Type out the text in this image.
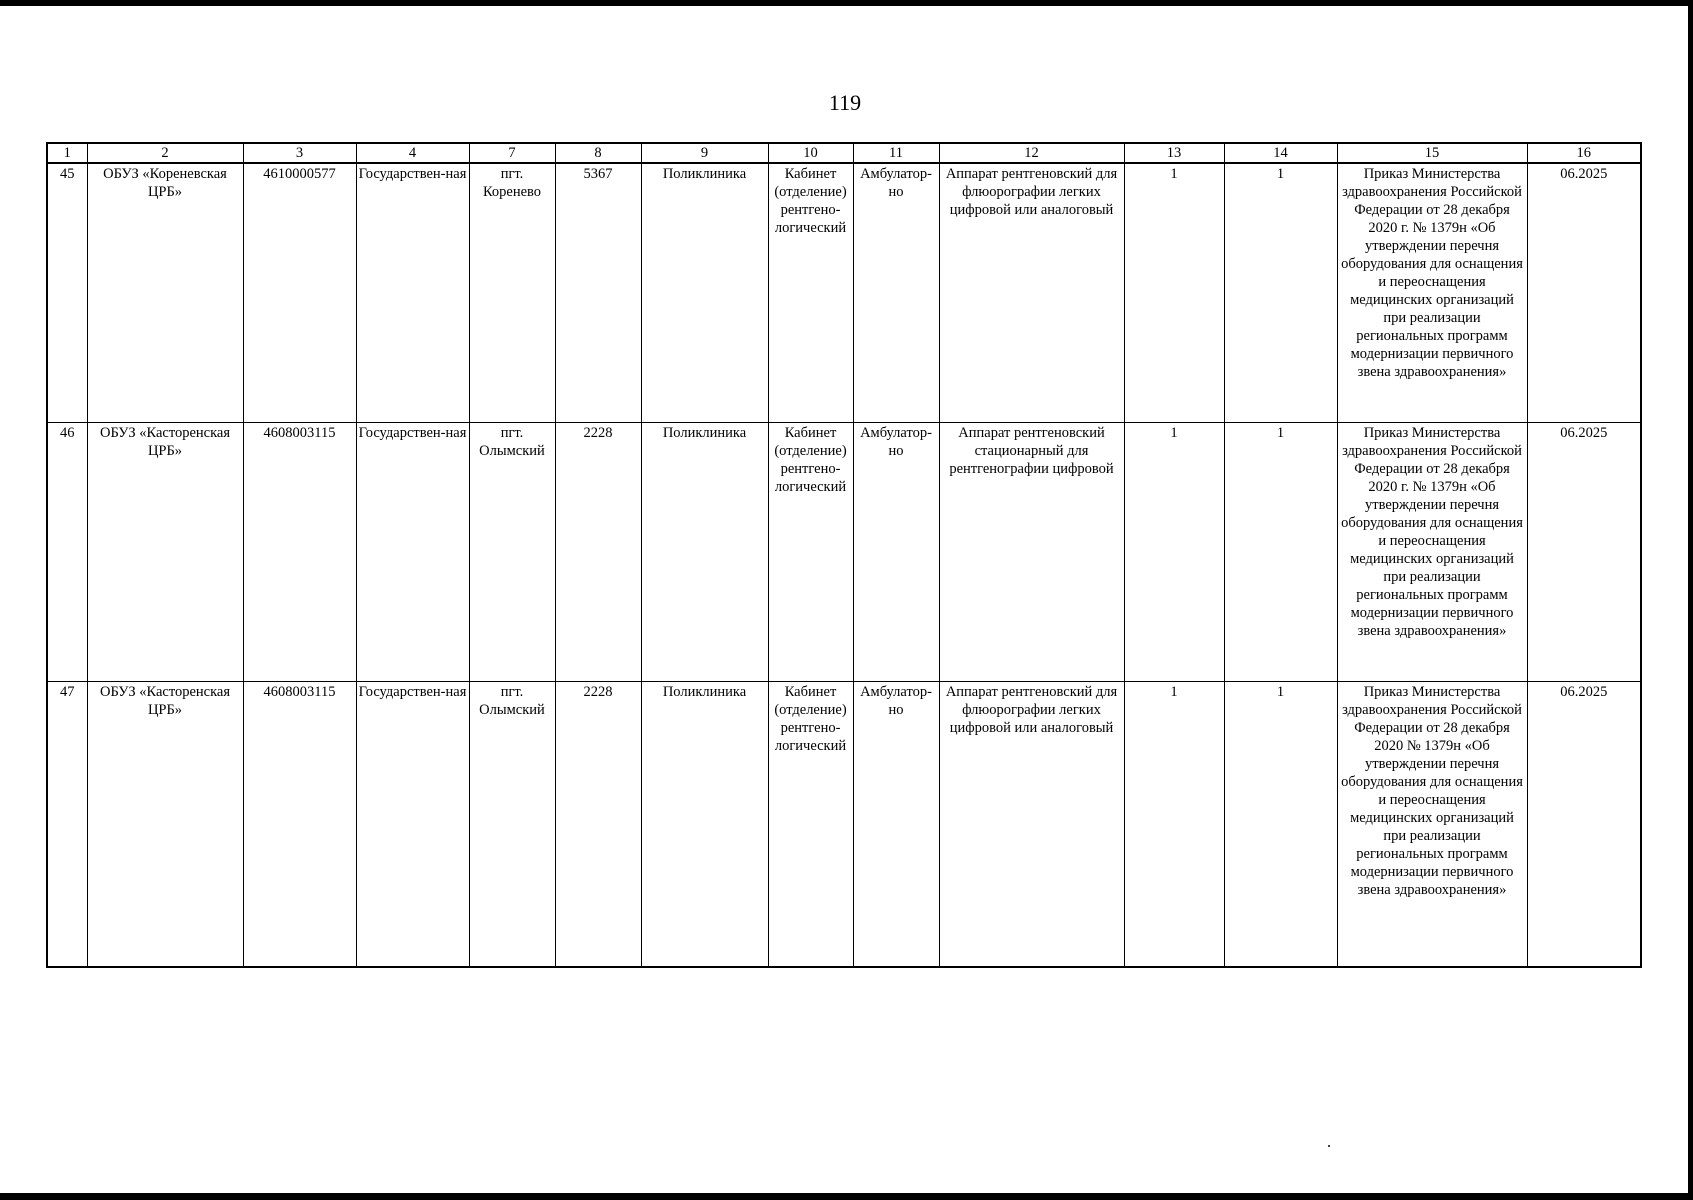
119
1	2	3	4	7	8	9	10	11	12	13	14	15	16
45	ОБУЗ «Кореневская ЦРБ»	4610000577	Государствен-ная	пгт. Коренево	5367	Поликлиника	Кабинет (отделение) рентгено-логический	Амбулатор-но	Аппарат рентгеновский для флюорографии легких цифровой или аналоговый	1	1	Приказ Министерства здравоохранения Российской Федерации от 28 декабря 2020 г. № 1379н «Об утверждении перечня оборудования для оснащения и переоснащения медицинских организаций при реализации региональных программ модернизации первичного звена здравоохранения»	06.2025
46	ОБУЗ «Касторенская ЦРБ»	4608003115	Государствен-ная	пгт. Олымский	2228	Поликлиника	Кабинет (отделение) рентгено-логический	Амбулатор-но	Аппарат рентгеновский стационарный для рентгенографии цифровой	1	1	Приказ Министерства здравоохранения Российской Федерации от 28 декабря 2020 г. № 1379н «Об утверждении перечня оборудования для оснащения и переоснащения медицинских организаций при реализации региональных программ модернизации первичного звена здравоохранения»	06.2025
47	ОБУЗ «Касторенская ЦРБ»	4608003115	Государствен-ная	пгт. Олымский	2228	Поликлиника	Кабинет (отделение) рентгено-логический	Амбулатор-но	Аппарат рентгеновский для флюорографии легких цифровой или аналоговый	1	1	Приказ Министерства здравоохранения Российской Федерации от 28 декабря 2020 № 1379н «Об утверждении перечня оборудования для оснащения и переоснащения медицинских организаций при реализации региональных программ модернизации первичного звена здравоохранения»	06.2025
